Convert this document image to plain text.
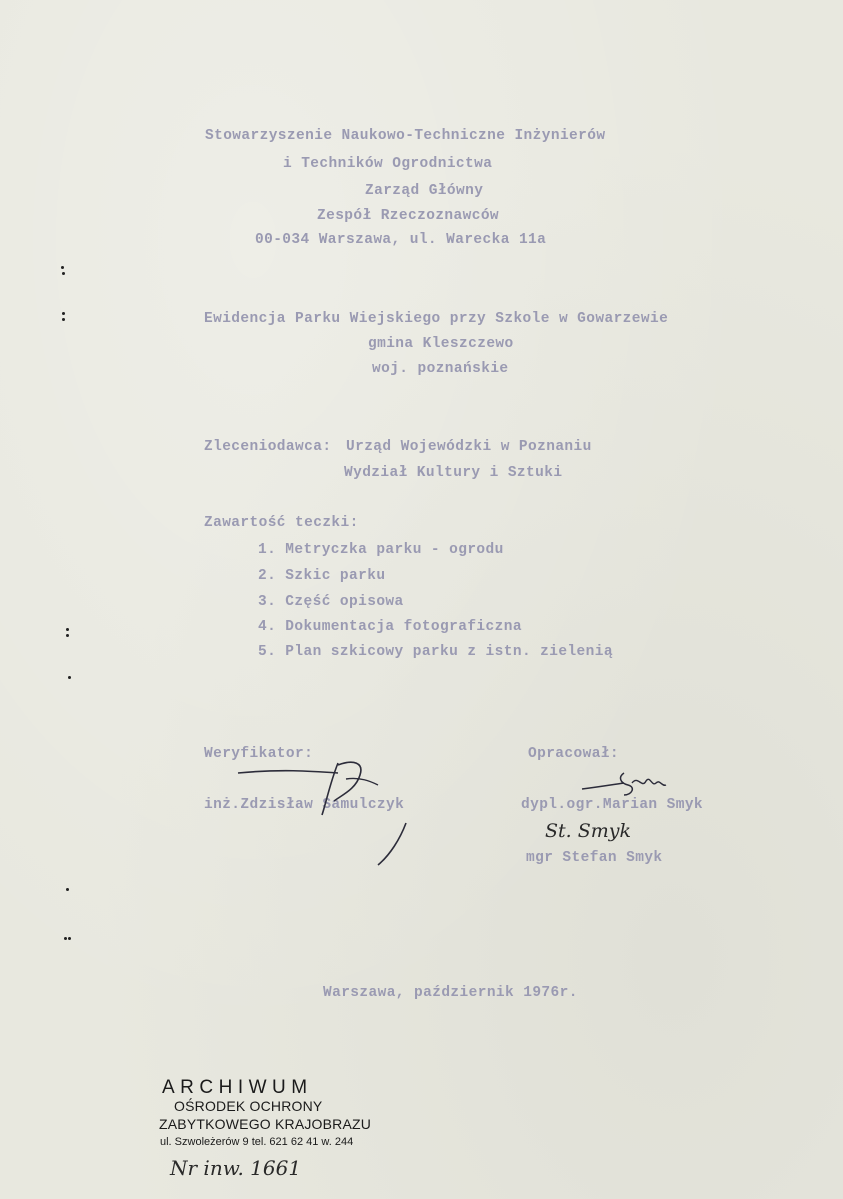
Stowarzyszenie Naukowo-Techniczne Inżynierów
i Techników Ogrodnictwa
Zarząd Główny
Zespół Rzeczoznawców
00-034 Warszawa, ul. Warecka 11a
Ewidencja Parku Wiejskiego przy Szkole w Gowarzewie
gmina Kleszczewo
woj. poznańskie
Zleceniodawca: Urząd Wojewódzki w Poznaniu
Wydział Kultury i Sztuki
Zawartość teczki:
1. Metryczka parku - ogrodu
2. Szkic parku
3. Część opisowa
4. Dokumentacja fotograficzna
5. Plan szkicowy parku z istn. zielenią
Weryfikator:	Opracował:
inż.Zdzisław Samulczyk	dypl.ogr.Marian Smyk
mgr Stefan Smyk
St. Smyk
Warszawa, październik 1976r.
ARCHIWUM
OŚRODEK OCHRONY
ZABYTKOWEGO KRAJOBRAZU
ul. Szwoleżerów 9 tel. 621 62 41 w. 244
Nr inw. 1661
